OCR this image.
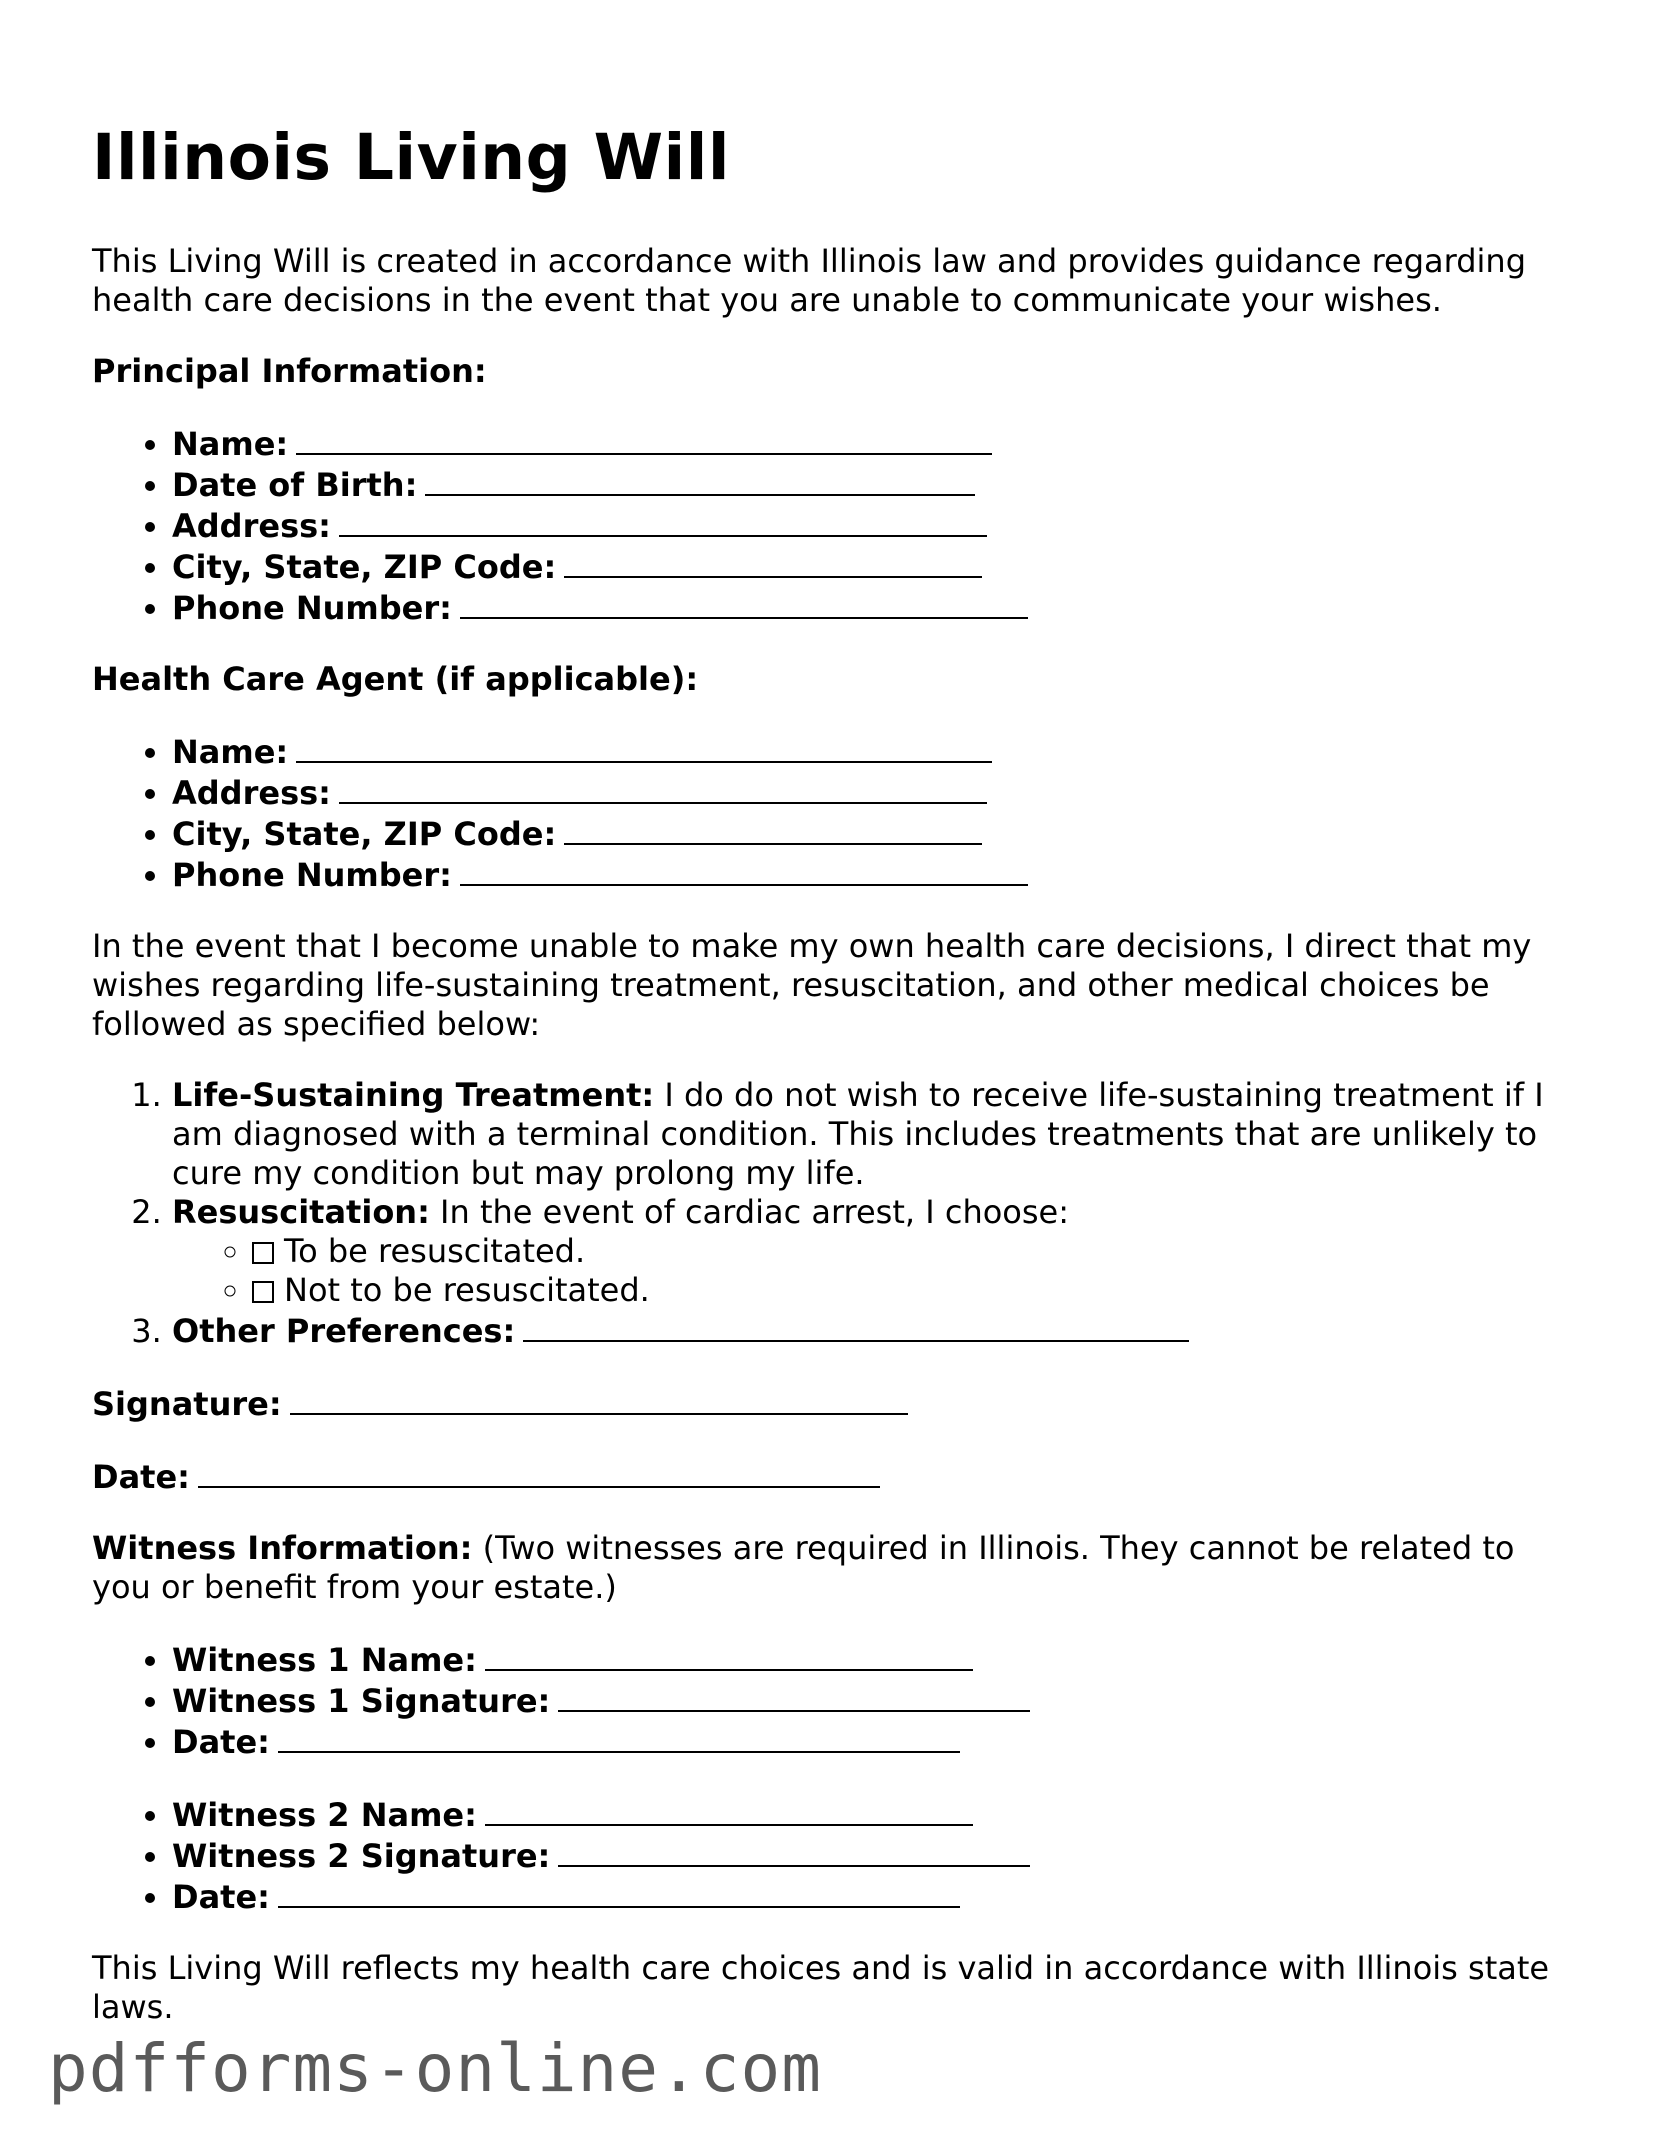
Illinois Living Will

This Living Will is created in accordance with Illinois law and provides guidance regarding health care decisions in the event that you are unable to communicate your wishes.

Principal Information:

• Name:
• Date of Birth:
• Address:
• City, State, ZIP Code:
• Phone Number:

Health Care Agent (if applicable):

• Name:
• Address:
• City, State, ZIP Code:
• Phone Number:

In the event that I become unable to make my own health care decisions, I direct that my wishes regarding life-sustaining treatment, resuscitation, and other medical choices be followed as specified below:

1. Life-Sustaining Treatment: I do do not wish to receive life-sustaining treatment if I am diagnosed with a terminal condition. This includes treatments that are unlikely to cure my condition but may prolong my life.
2. Resuscitation: In the event of cardiac arrest, I choose:
◦ To be resuscitated.
◦ Not to be resuscitated.
3. Other Preferences:

Signature:

Date:

Witness Information: (Two witnesses are required in Illinois. They cannot be related to you or benefit from your estate.)

• Witness 1 Name:
• Witness 1 Signature:
• Date:
• Witness 2 Name:
• Witness 2 Signature:
• Date:

This Living Will reflects my health care choices and is valid in accordance with Illinois state laws.

pdfforms-online.com
